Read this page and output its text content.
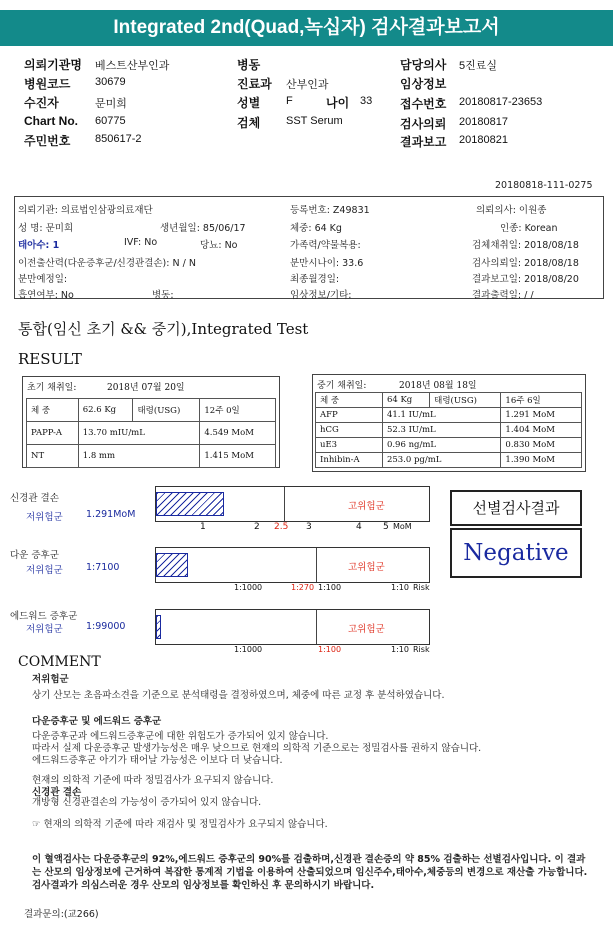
Integrated 2nd(Quad,녹십자) 검사결과보고서
의뢰기관명 베스트산부인과
병원코드 30679
수진자	문미희
Chart No. 60775
주민번호 850617-2
병동
진료과 산부인과
성별 F	나이 33
검체 SST Serum
담당의사 5진료실
임상정보
접수번호 20180817-23653
검사의뢰 20180817
결과보고 20180821
20180818-111-0275
의뢰기관: 의료법인삼광의료재단	등록번호: Z49831	의뢰의사: 이원종
성 명: 문미희	생년월일: 85/06/17	체중: 64 Kg	인종: Korean
태아수: 1	IVF: No	당뇨: No	가족력/약물복용:	검체채취일: 2018/08/18
이전출산력(다운증후군/신경관결손): N / N	분만시나이: 33.6	검사의뢰일: 2018/08/18
분만예정일:	최종월경일:	결과보고일: 2018/08/20
흡연여부: No	병동:	임상정보/기타:	결과출력일: / /
통합(임신 초기 && 중기),Integrated Test
RESULT
초기 채취일:	2018년 07월 20일
체 중	62.6 Kg	태령(USG)	12주 0일
PAPP-A	13.70 mIU/mL		4.549 MoM
NT	1.8 mm		1.415 MoM
중기 채취일:	2018년 08월 18일
체 중	64 Kg	태령(USG)	16주 6일
AFP	41.1 IU/mL		1.291 MoM
hCG	52.3 IU/mL		1.404 MoM
uE3	0.96 ng/mL		0.830 MoM
Inhibin-A	253.0 pg/mL		1.390 MoM
신경관 결손
저위험군 1.291MoM
고위험군
1	2 2.5 3	4 5 MoM
다운 증후군
저위험군 1:7100	고위험군
1:1000	1:270 1:100	1:10 Risk
에드워드 증후군
저위험군 1:99000	고위험군
1:1000	1:100	1:10 Risk
선별검사결과
Negative
COMMENT
저위험군
상기 산모는 초음파소견을 기준으로 분석태령을 결정하였으며, 체중에 따른 교정 후 분석하였습니다.
다운증후군 및 에드워드 증후군
다운증후군과 에드워드증후군에 대한 위험도가 증가되어 있지 않습니다.
따라서 실제 다운증후군 발생가능성은 매우 낮으므로 현재의 의학적 기준으로는 정밀검사를 권하지 않습니다.
에드워드증후군 아기가 태어날 가능성은 이보다 더 낮습니다.
현재의 의학적 기준에 따라 정밀검사가 요구되지 않습니다.
신경관 결손
개방형 신경관결손의 가능성이 증가되어 있지 않습니다.
☞ 현재의 의학적 기준에 따라 재검사 및 정밀검사가 요구되지 않습니다.
이 혈액검사는 다운증후군의 92%,에드워드 증후군의 90%를 검출하며,신경관 결손증의 약 85% 검출하는 선별검사입니다. 이 결과는 산모의 임상정보에 근거하여 복잡한 통계적 기법을 이용하여 산출되었으며 임신주수,태아수,체중등의 변경으로 재산출 가능합니다. 검사결과가 의심스러운 경우 산모의 임상정보를 확인하신 후 문의하시기 바랍니다.
결과문의:(교266)
